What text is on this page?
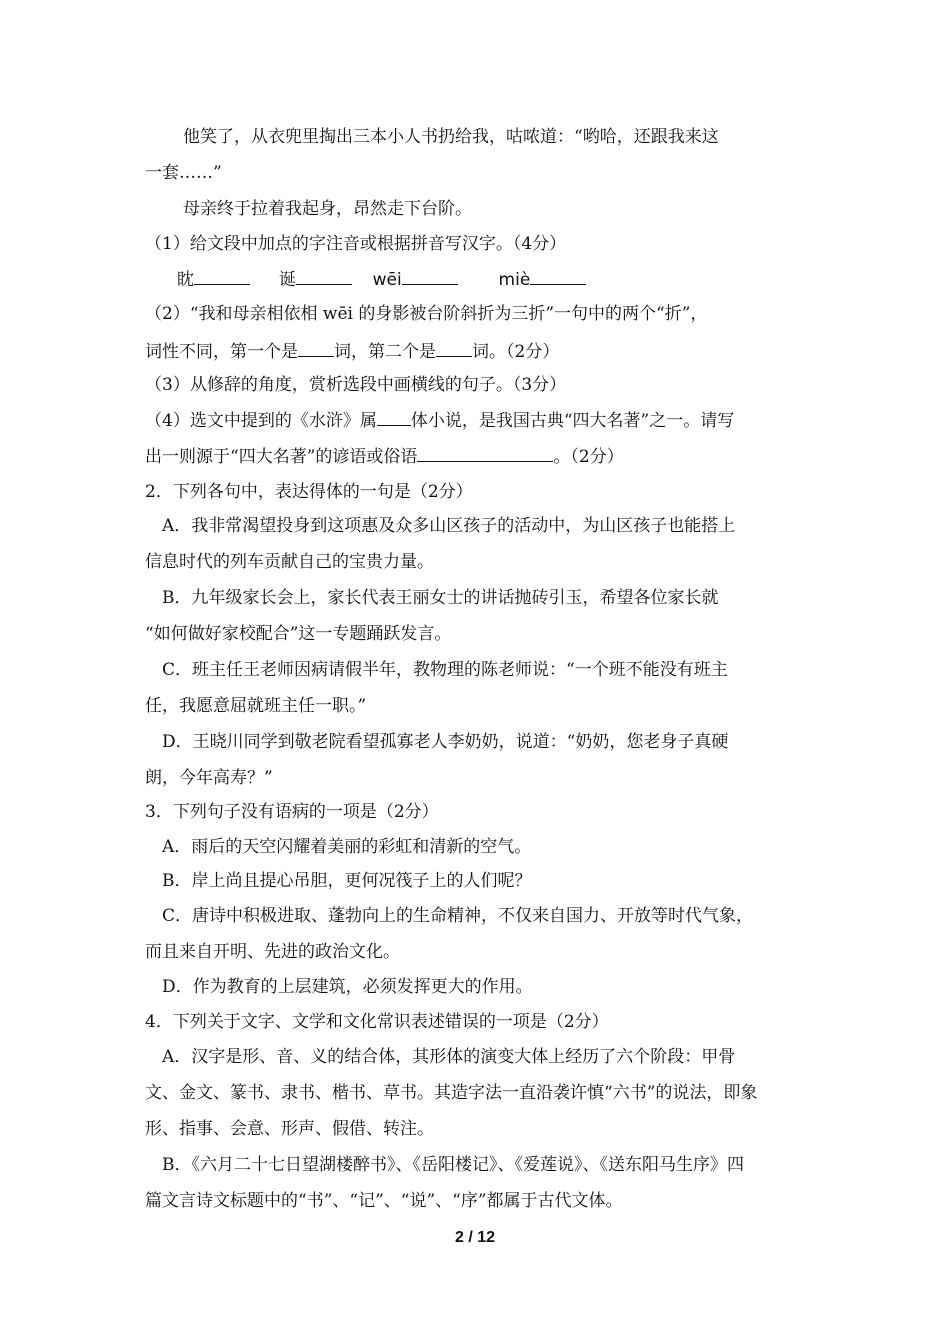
他笑了，从衣兜里掏出三本小人书扔给我，咕哝道：“哟哈，还跟我来这
一套……”
母亲终于拉着我起身，昂然走下台阶。
（1）给文段中加点的字注音或根据拼音写汉字。（4分）
眈	诞	wēi	miè
（2）“我和母亲相依相 wēi 的身影被台阶斜折为三折”一句中的两个“折”，
词性不同，第一个是 词，第二个是 词。（2分）
（3）从修辞的角度，赏析选段中画横线的句子。（3分）
（4）选文中提到的《水浒》属 体小说，是我国古典“四大名著”之一。请写
出一则源于“四大名著”的谚语或俗语	。（2分）
2．下列各句中，表达得体的一句是（2分）
A．我非常渴望投身到这项惠及众多山区孩子的活动中，为山区孩子也能搭上
信息时代的列车贡献自己的宝贵力量。
B．九年级家长会上，家长代表王丽女士的讲话抛砖引玉，希望各位家长就
“如何做好家校配合”这一专题踊跃发言。
C．班主任王老师因病请假半年，教物理的陈老师说：“一个班不能没有班主
任，我愿意屈就班主任一职。”
D．王晓川同学到敬老院看望孤寡老人李奶奶，说道：“奶奶，您老身子真硬
朗，今年高寿？”
3．下列句子没有语病的一项是（2分）
A．雨后的天空闪耀着美丽的彩虹和清新的空气。
B．岸上尚且提心吊胆，更何况筏子上的人们呢？
C．唐诗中积极进取、蓬勃向上的生命精神，不仅来自国力、开放等时代气象，
而且来自开明、先进的政治文化。
D．作为教育的上层建筑，必须发挥更大的作用。
4．下列关于文字、文学和文化常识表述错误的一项是（2分）
A．汉字是形、音、义的结合体，其形体的演变大体上经历了六个阶段：甲骨
文、金文、篆书、隶书、楷书、草书。其造字法一直沿袭许慎“六书”的说法，即象
形、指事、会意、形声、假借、转注。
B．《六月二十七日望湖楼醉书》、《岳阳楼记》、《爱莲说》、《送东阳马生序》四
篇文言诗文标题中的“书”、“记”、“说”、“序”都属于古代文体。
2 / 12
